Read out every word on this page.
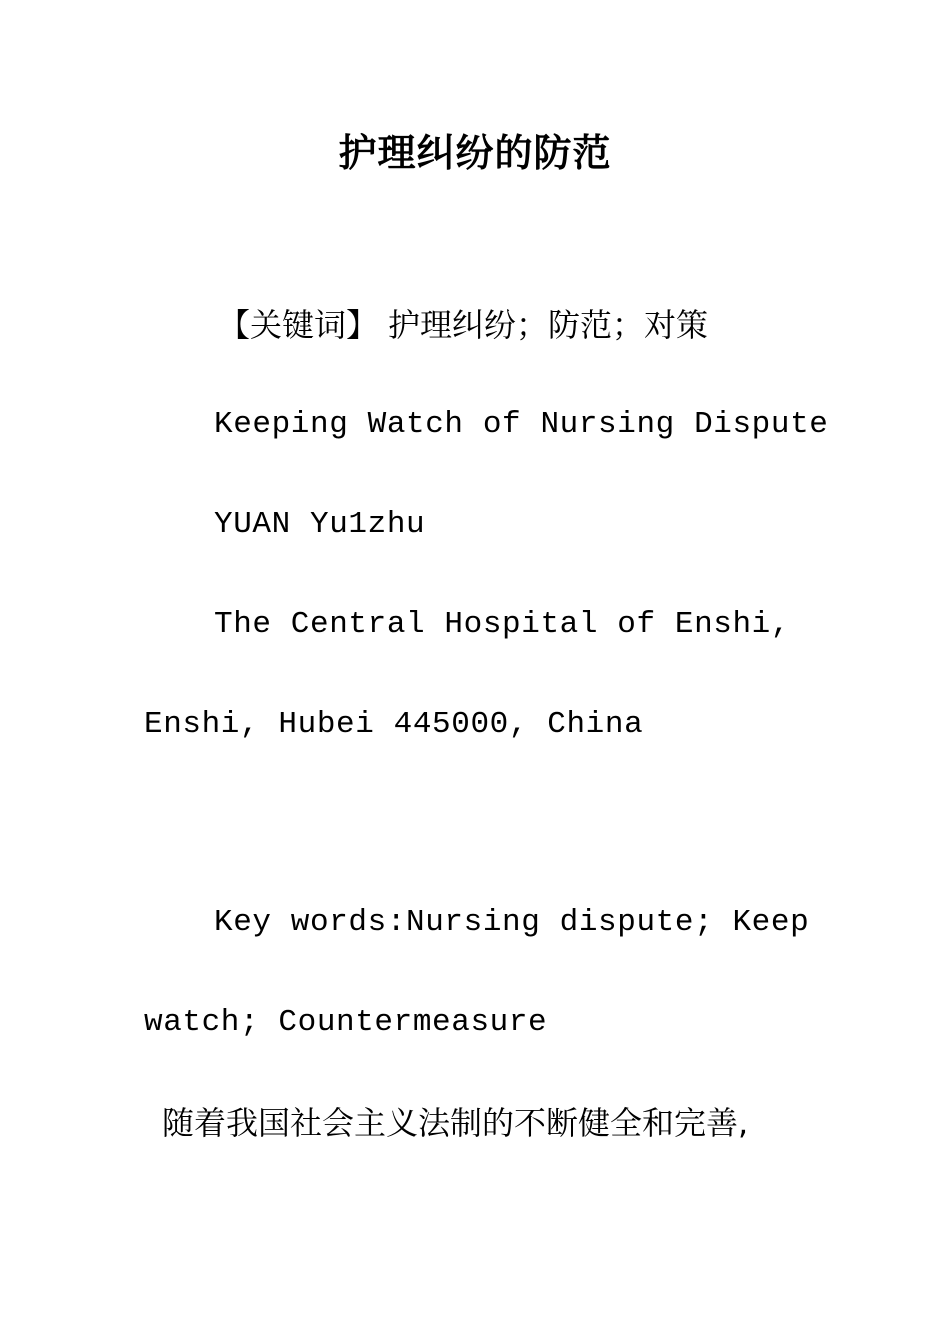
护理纠纷的防范
【关键词】 护理纠纷；防范；对策
Keeping Watch of Nursing Dispute
YUAN Yu1zhu
The Central Hospital of Enshi,
Enshi, Hubei 445000, China
Key words:Nursing dispute; Keep
watch; Countermeasure
随着我国社会主义法制的不断健全和完善,
